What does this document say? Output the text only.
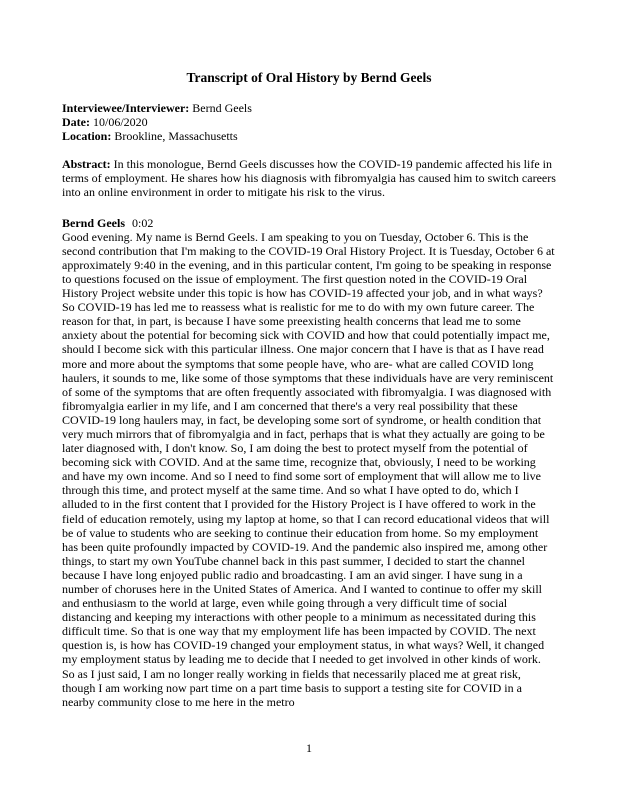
Transcript of Oral History by Bernd Geels

Interviewee/Interviewer: Bernd Geels

Date: 10/06/2020

Location: Brookline, Massachusetts

Abstract: In this monologue, Bernd Geels discusses how the COVID-19 pandemic affected his life in terms of employment. He shares how his diagnosis with fibromyalgia has caused him to switch careers into an online environment in order to mitigate his risk to the virus.

Bernd Geels 0:02

Good evening. My name is Bernd Geels. I am speaking to you on Tuesday, October 6. This is the second contribution that I'm making to the COVID-19 Oral History Project. It is Tuesday, October 6 at approximately 9:40 in the evening, and in this particular content, I'm going to be speaking in response to questions focused on the issue of employment. The first question noted in the COVID-19 Oral History Project website under this topic is how has COVID-19 affected your job, and in what ways? So COVID-19 has led me to reassess what is realistic for me to do with my own future career. The reason for that, in part, is because I have some preexisting health concerns that lead me to some anxiety about the potential for becoming sick with COVID and how that could potentially impact me, should I become sick with this particular illness. One major concern that I have is that as I have read more and more about the symptoms that some people have, who are- what are called COVID long haulers, it sounds to me, like some of those symptoms that these individuals have are very reminiscent of some of the symptoms that are often frequently associated with fibromyalgia. I was diagnosed with fibromyalgia earlier in my life, and I am concerned that there's a very real possibility that these COVID-19 long haulers may, in fact, be developing some sort of syndrome, or health condition that very much mirrors that of fibromyalgia and in fact, perhaps that is what they actually are going to be later diagnosed with, I don't know. So, I am doing the best to protect myself from the potential of becoming sick with COVID. And at the same time, recognize that, obviously, I need to be working and have my own income. And so I need to find some sort of employment that will allow me to live through this time, and protect myself at the same time. And so what I have opted to do, which I alluded to in the first content that I provided for the History Project is I have offered to work in the field of education remotely, using my laptop at home, so that I can record educational videos that will be of value to students who are seeking to continue their education from home. So my employment has been quite profoundly impacted by COVID-19. And the pandemic also inspired me, among other things, to start my own YouTube channel back in this past summer, I decided to start the channel because I have long enjoyed public radio and broadcasting. I am an avid singer. I have sung in a number of choruses here in the United States of America. And I wanted to continue to offer my skill and enthusiasm to the world at large, even while going through a very difficult time of social distancing and keeping my interactions with other people to a minimum as necessitated during this difficult time. So that is one way that my employment life has been impacted by COVID. The next question is, is how has COVID-19 changed your employment status, in what ways? Well, it changed my employment status by leading me to decide that I needed to get involved in other kinds of work. So as I just said, I am no longer really working in fields that necessarily placed me at great risk, though I am working now part time on a part time basis to support a testing site for COVID in a nearby community close to me here in the metro

1
